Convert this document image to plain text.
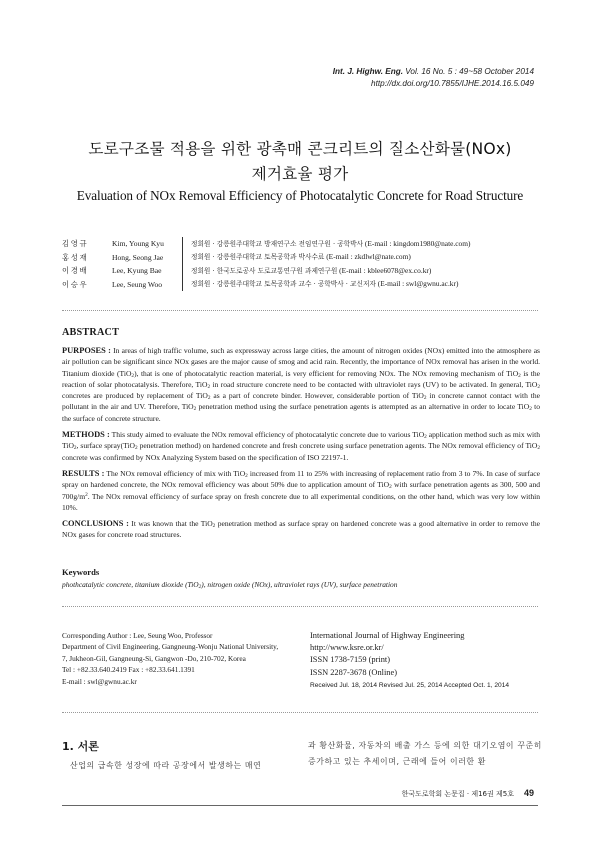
Int. J. Highw. Eng. Vol. 16 No. 5 : 49~58 October 2014
http://dx.doi.org/10.7855/IJHE.2014.16.5.049
도로구조물 적용을 위한 광촉매 콘크리트의 질소산화물(NOx)
제거효율 평가
Evaluation of NOx Removal Efficiency of Photocatalytic Concrete for Road Structure
김영규	Kim, Young Kyu	정회원 · 강릉원주대학교 방재연구소 전임연구원 · 공학박사 (E-mail : kingdom1980@nate.com)
홍성재	Hong, Seong Jae	정회원 · 강릉원주대학교 토목공학과 박사수료 (E-mail : zkdlwl@nate.com)
이경배	Lee, Kyung Bae	정회원 · 한국도로공사 도로교통연구원 과제연구원 (E-mail : kblee6078@ex.co.kr)
이승우	Lee, Seung Woo	정회원 · 강릉원주대학교 토목공학과 교수 · 공학박사 · 교신저자 (E-mail : swl@gwnu.ac.kr)
ABSTRACT

PURPOSES : In areas of high traffic volume, such as expressway across large cities, the amount of nitrogen oxides (NOx) emitted into the atmosphere as air pollution can be significant since NOx gases are the major cause of smog and acid rain. Recently, the importance of NOx removal has arisen in the world. Titanium dioxide (TiO$_2$), that is one of photocatalytic reaction material, is very efficient for removing NOx. The NOx removing mechanism of TiO$_2$ is the reaction of solar photocatalysis. Therefore, TiO$_2$ in road structure concrete need to be contacted with ultraviolet rays (UV) to be activated. In general, TiO$_2$ concretes are produced by replacement of TiO$_2$ as a part of concrete binder. However, considerable portion of TiO$_2$ in concrete cannot contact with the pollutant in the air and UV. Therefore, TiO$_2$ penetration method using the surface penetration agents is attempted as an alternative in order to locate TiO$_2$ to the surface of concrete structure.

METHODS : This study aimed to evaluate the NOx removal efficiency of photocatalytic concrete due to various TiO$_2$ application method such as mix with TiO$_2$, surface spray(TiO$_2$ penetration method) on hardened concrete and fresh concrete using surface penetration agents. The NOx removal efficiency of TiO$_2$ concrete was confirmed by NOx Analyzing System based on the specification of ISO 22197-1.

RESULTS : The NOx removal efficiency of mix with TiO$_2$ increased from 11 to 25% with increasing of replacement ratio from 3 to 7%. In case of surface spray on hardened concrete, the NOx removal efficiency was about 50% due to application amount of TiO$_2$ with surface penetration agents as 300, 500 and $700g/m^2$. The NOx removal efficiency of surface spray on fresh concrete due to all experimental conditions, on the other hand, which was very low within 10%.

CONCLUSIONS : It was known that the TiO$_2$ penetration method as surface spray on hardened concrete was a good alternative in order to remove the NOx gases for concrete road structures.

Keywords
phothcatalytic concrete, titanium dioxide (TiO$_2$), nitrogen oxide (NOx), ultraviolet rays (UV), surface penetration
Corresponding Author : Lee, Seung Woo, Professor
Department of Civil Engineering, Gangneung-Wonju National University,
7, Jukheon-Gil, Gangneung-Si, Gangwon -Do, 210-702, Korea
Tel : +82.33.640.2419 Fax : +82.33.641.1391
E-mail : swl@gwnu.ac.kr
International Journal of Highway Engineering
http://www.ksre.or.kr/
ISSN 1738-7159 (print)
ISSN 2287-3678 (Online)
Received Jul. 18, 2014 Revised Jul. 25, 2014 Accepted Oct. 1, 2014
1. 서론
산업의 급속한 성장에 따라 공장에서 발생하는 매연
과 황산화물, 자동차의 배출 가스 등에 의한 대기오염이 꾸준히 증가하고 있는 추세이며, 근래에 들어 이러한 환
한국도로학회 논문집 · 제16권 제5호 49
